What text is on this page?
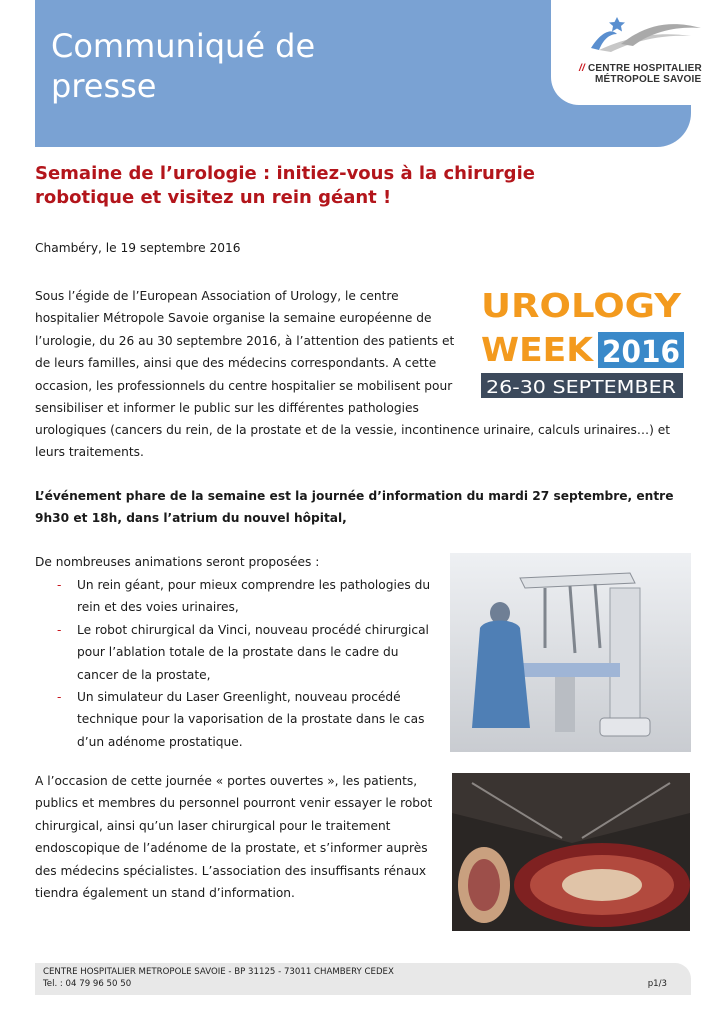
Communiqué de presse	// CENTRE HOSPITALIER
MÉTROPOLE SAVOIE
Semaine de l’urologie : initiez-vous à la chirurgie robotique et visitez un rein géant !

Chambéry, le 19 septembre 2016

Sous l’égide de l’European Association of Urology, le centre hospitalier Métropole Savoie organise la semaine européenne de l’urologie, du 26 au 30 septembre 2016, à l’attention des patients et de leurs familles, ainsi que des médecins correspondants. A cette occasion, les professionnels du centre hospitalier se mobilisent pour sensibiliser et informer le public sur les différentes pathologies

UROLOGY
WEEK 2016
26-30 SEPTEMBER

urologiques (cancers du rein, de la prostate et de la vessie, incontinence urinaire, calculs urinaires…) et leurs traitements.

L’événement phare de la semaine est la journée d’information du mardi 27 septembre, entre 9h30 et 18h, dans l’atrium du nouvel hôpital,

De nombreuses animations seront proposées :

- Un rein géant, pour mieux comprendre les pathologies du rein et des voies urinaires,
- Le robot chirurgical da Vinci, nouveau procédé chirurgical pour l’ablation totale de la prostate dans le cadre du cancer de la prostate,
- Un simulateur du Laser Greenlight, nouveau procédé technique pour la vaporisation de la prostate dans le cas d’un adénome prostatique.

A l’occasion de cette journée « portes ouvertes », les patients, publics et membres du personnel pourront venir essayer le robot chirurgical, ainsi qu’un laser chirurgical pour le traitement endoscopique de l’adénome de la prostate, et s’informer auprès des médecins spécialistes. L’association des insuffisants rénaux tiendra également un stand d’information.

CENTRE HOSPITALIER METROPOLE SAVOIE - BP 31125 - 73011 CHAMBERY CEDEX
Tel. : 04 79 96 50 50	p1/3
